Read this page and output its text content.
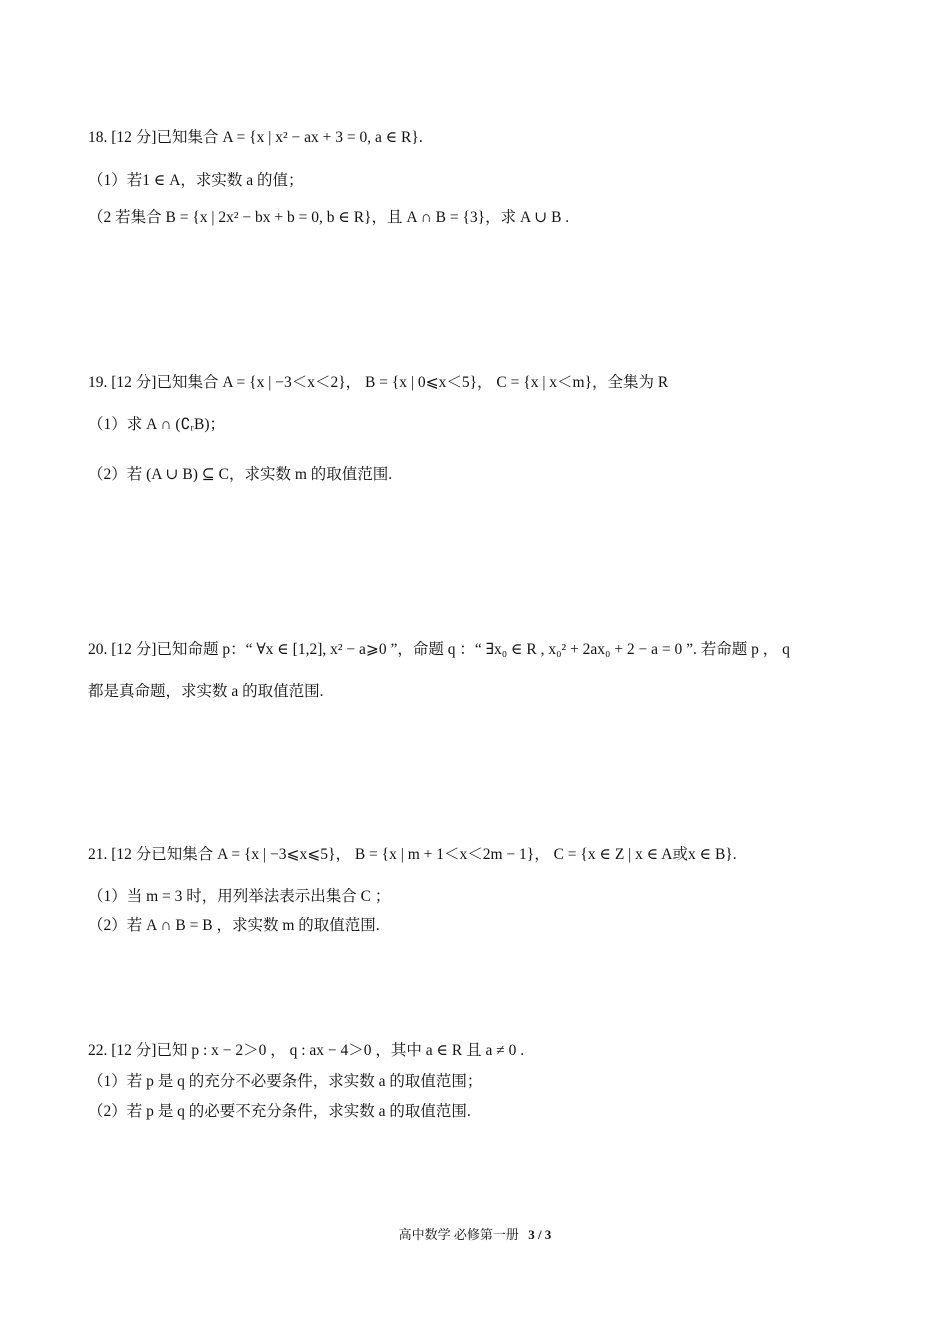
18. [12 分]已知集合 A = {x | x² − ax + 3 = 0, a ∈ R}.
（1）若1 ∈ A，求实数 a 的值；
（2 若集合 B = {x | 2x² − bx + b = 0, b ∈ R}，且 A ∩ B = {3}，求 A ∪ B .
19. [12 分]已知集合 A = {x | −3＜x＜2}， B = {x | 0⩽x＜5}， C = {x | x＜m}，全集为 R
（1）求 A ∩ (∁ᵣB)；
（2）若 (A ∪ B) ⊆ C，求实数 m 的取值范围.
20. [12 分]已知命题 p：“ ∀x ∈ [1,2], x² − a⩾0 ”，命题 q ：“ ∃x₀ ∈ R , x₀² + 2ax₀ + 2 − a = 0 ”. 若命题 p ， q
都是真命题，求实数 a 的取值范围.
21. [12 分已知集合 A = {x | −3⩽x⩽5}， B = {x | m + 1＜x＜2m − 1}， C = {x ∈ Z | x ∈ A或x ∈ B}.
（1）当 m = 3 时，用列举法表示出集合 C ；
（2）若 A ∩ B = B ，求实数 m 的取值范围.
22. [12 分]已知 p : x − 2＞0 ， q : ax − 4＞0 ，其中 a ∈ R 且 a ≠ 0 .
（1）若 p 是 q 的充分不必要条件，求实数 a 的取值范围；
（2）若 p 是 q 的必要不充分条件，求实数 a 的取值范围.
高中数学 必修第一册 3 / 3
